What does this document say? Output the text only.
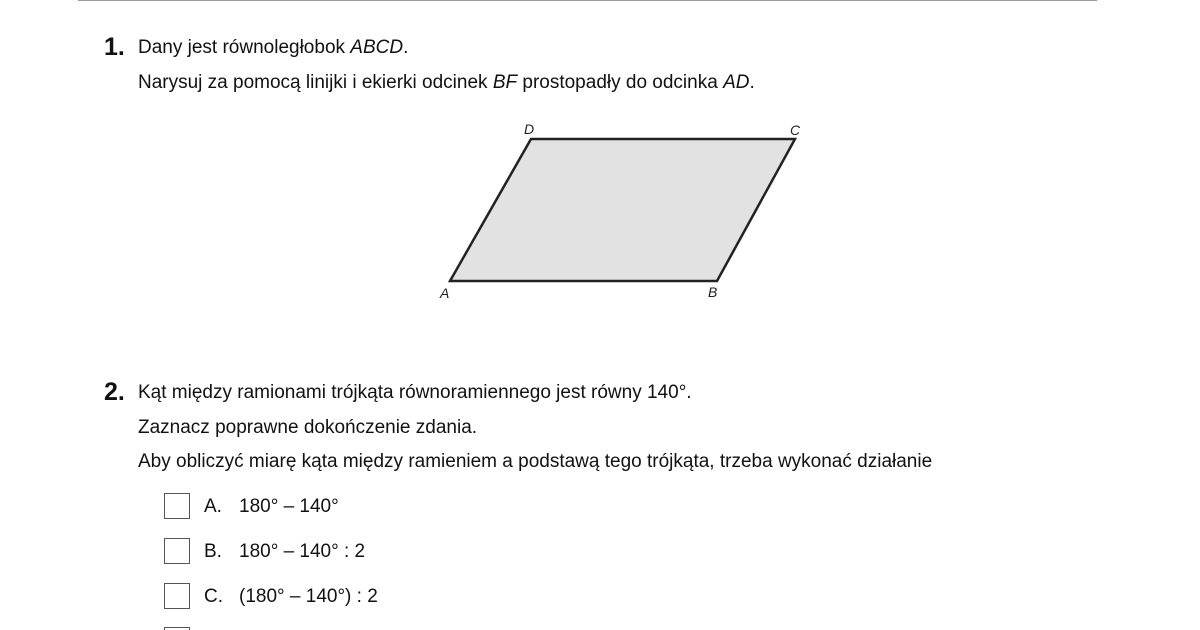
1. Dany jest równoległobok ABCD.
Narysuj za pomocą linijki i ekierki odcinek BF prostopadły do odcinka AD.
D	C
A	B
2. Kąt między ramionami trójkąta równoramiennego jest równy 140°.
Zaznacz poprawne dokończenie zdania.
Aby obliczyć miarę kąta między ramieniem a podstawą tego trójkąta, trzeba wykonać działanie
A. 180° – 140°
B. 180° – 140° : 2
C. (180° – 140°) : 2
